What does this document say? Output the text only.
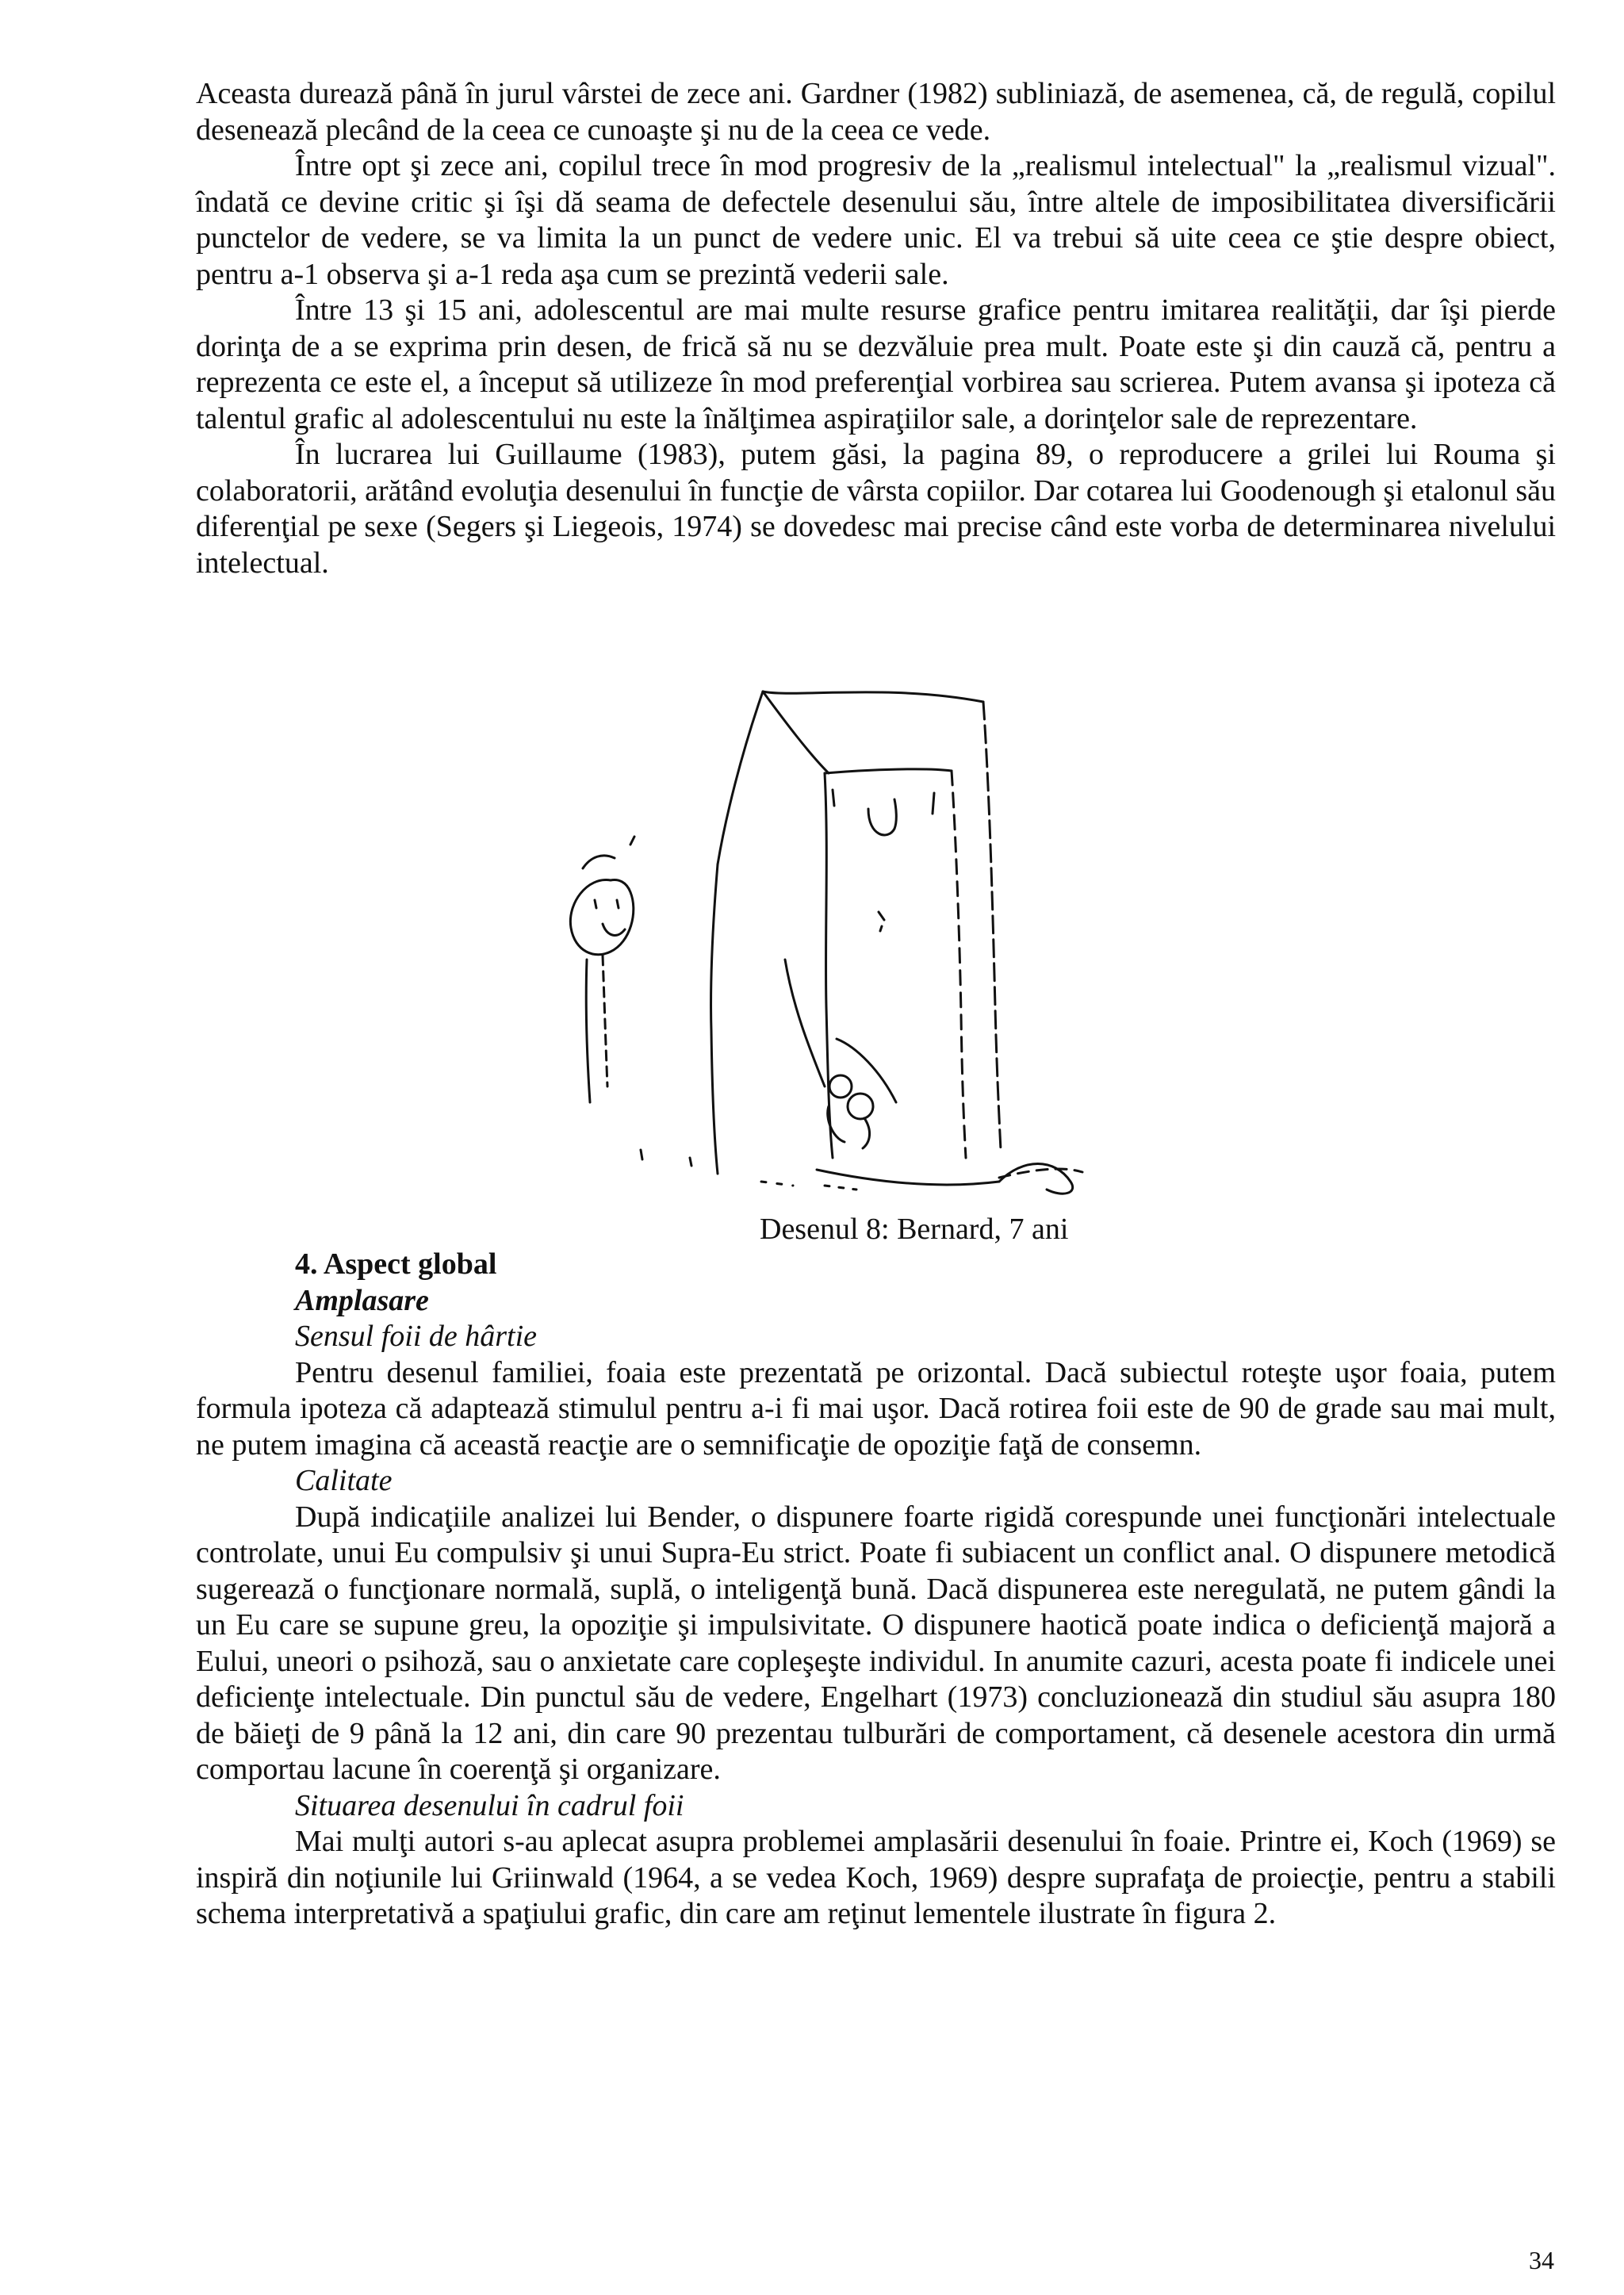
Aceasta durează până în jurul vârstei de zece ani. Gardner (1982) subliniază, de asemenea, că, de regulă, copilul desenează plecând de la ceea ce cunoaşte şi nu de la ceea ce vede.

Între opt şi zece ani, copilul trece în mod progresiv de la „realismul intelectual" la „realismul vizual". îndată ce devine critic şi îşi dă seama de defectele desenului său, între altele de imposibilitatea diversificării punctelor de vedere, se va limita la un punct de vedere unic. El va trebui să uite ceea ce ştie despre obiect, pentru a-1 observa şi a-1 reda aşa cum se prezintă vederii sale.

Între 13 şi 15 ani, adolescentul are mai multe resurse grafice pentru imitarea realităţii, dar îşi pierde dorinţa de a se exprima prin desen, de frică să nu se dezvăluie prea mult. Poate este şi din cauză că, pentru a reprezenta ce este el, a început să utilizeze în mod preferenţial vorbirea sau scrierea. Putem avansa şi ipoteza că talentul grafic al adolescentului nu este la înălţimea aspiraţiilor sale, a dorinţelor sale de reprezentare.

În lucrarea lui Guillaume (1983), putem găsi, la pagina 89, o reproducere a grilei lui Rouma şi colaboratorii, arătând evoluţia desenului în funcţie de vârsta copiilor. Dar cotarea lui Goodenough şi etalonul său diferenţial pe sexe (Segers şi Liegeois, 1974) se dovedesc mai precise când este vorba de determinarea nivelului intelectual.

Desenul 8: Bernard, 7 ani

4. Aspect global
Amplasare
Sensul foii de hârtie

Pentru desenul familiei, foaia este prezentată pe orizontal. Dacă subiectul roteşte uşor foaia, putem formula ipoteza că adaptează stimulul pentru a-i fi mai uşor. Dacă rotirea foii este de 90 de grade sau mai mult, ne putem imagina că această reacţie are o semnificaţie de opoziţie faţă de consemn.

Calitate

După indicaţiile analizei lui Bender, o dispunere foarte rigidă corespunde unei funcţionări intelectuale controlate, unui Eu compulsiv şi unui Supra-Eu strict. Poate fi subiacent un conflict anal. O dispunere metodică sugerează o funcţionare normală, suplă, o inteligenţă bună. Dacă dispunerea este neregulată, ne putem gândi la un Eu care se supune greu, la opoziţie şi impulsivitate. O dispunere haotică poate indica o deficienţă majoră a Eului, uneori o psihoză, sau o anxietate care copleşeşte individul. In anumite cazuri, acesta poate fi indicele unei deficienţe intelectuale. Din punctul său de vedere, Engelhart (1973) concluzionează din studiul său asupra 180 de băieţi de 9 până la 12 ani, din care 90 prezentau tulburări de comportament, că desenele acestora din urmă comportau lacune în coerenţă şi organizare.

Situarea desenului în cadrul foii

Mai mulţi autori s-au aplecat asupra problemei amplasării desenului în foaie. Printre ei, Koch (1969) se inspiră din noţiunile lui Griinwald (1964, a se vedea Koch, 1969) despre suprafaţa de proiecţie, pentru a stabili schema interpretativă a spaţiului grafic, din care am reţinut lementele ilustrate în figura 2.

34
